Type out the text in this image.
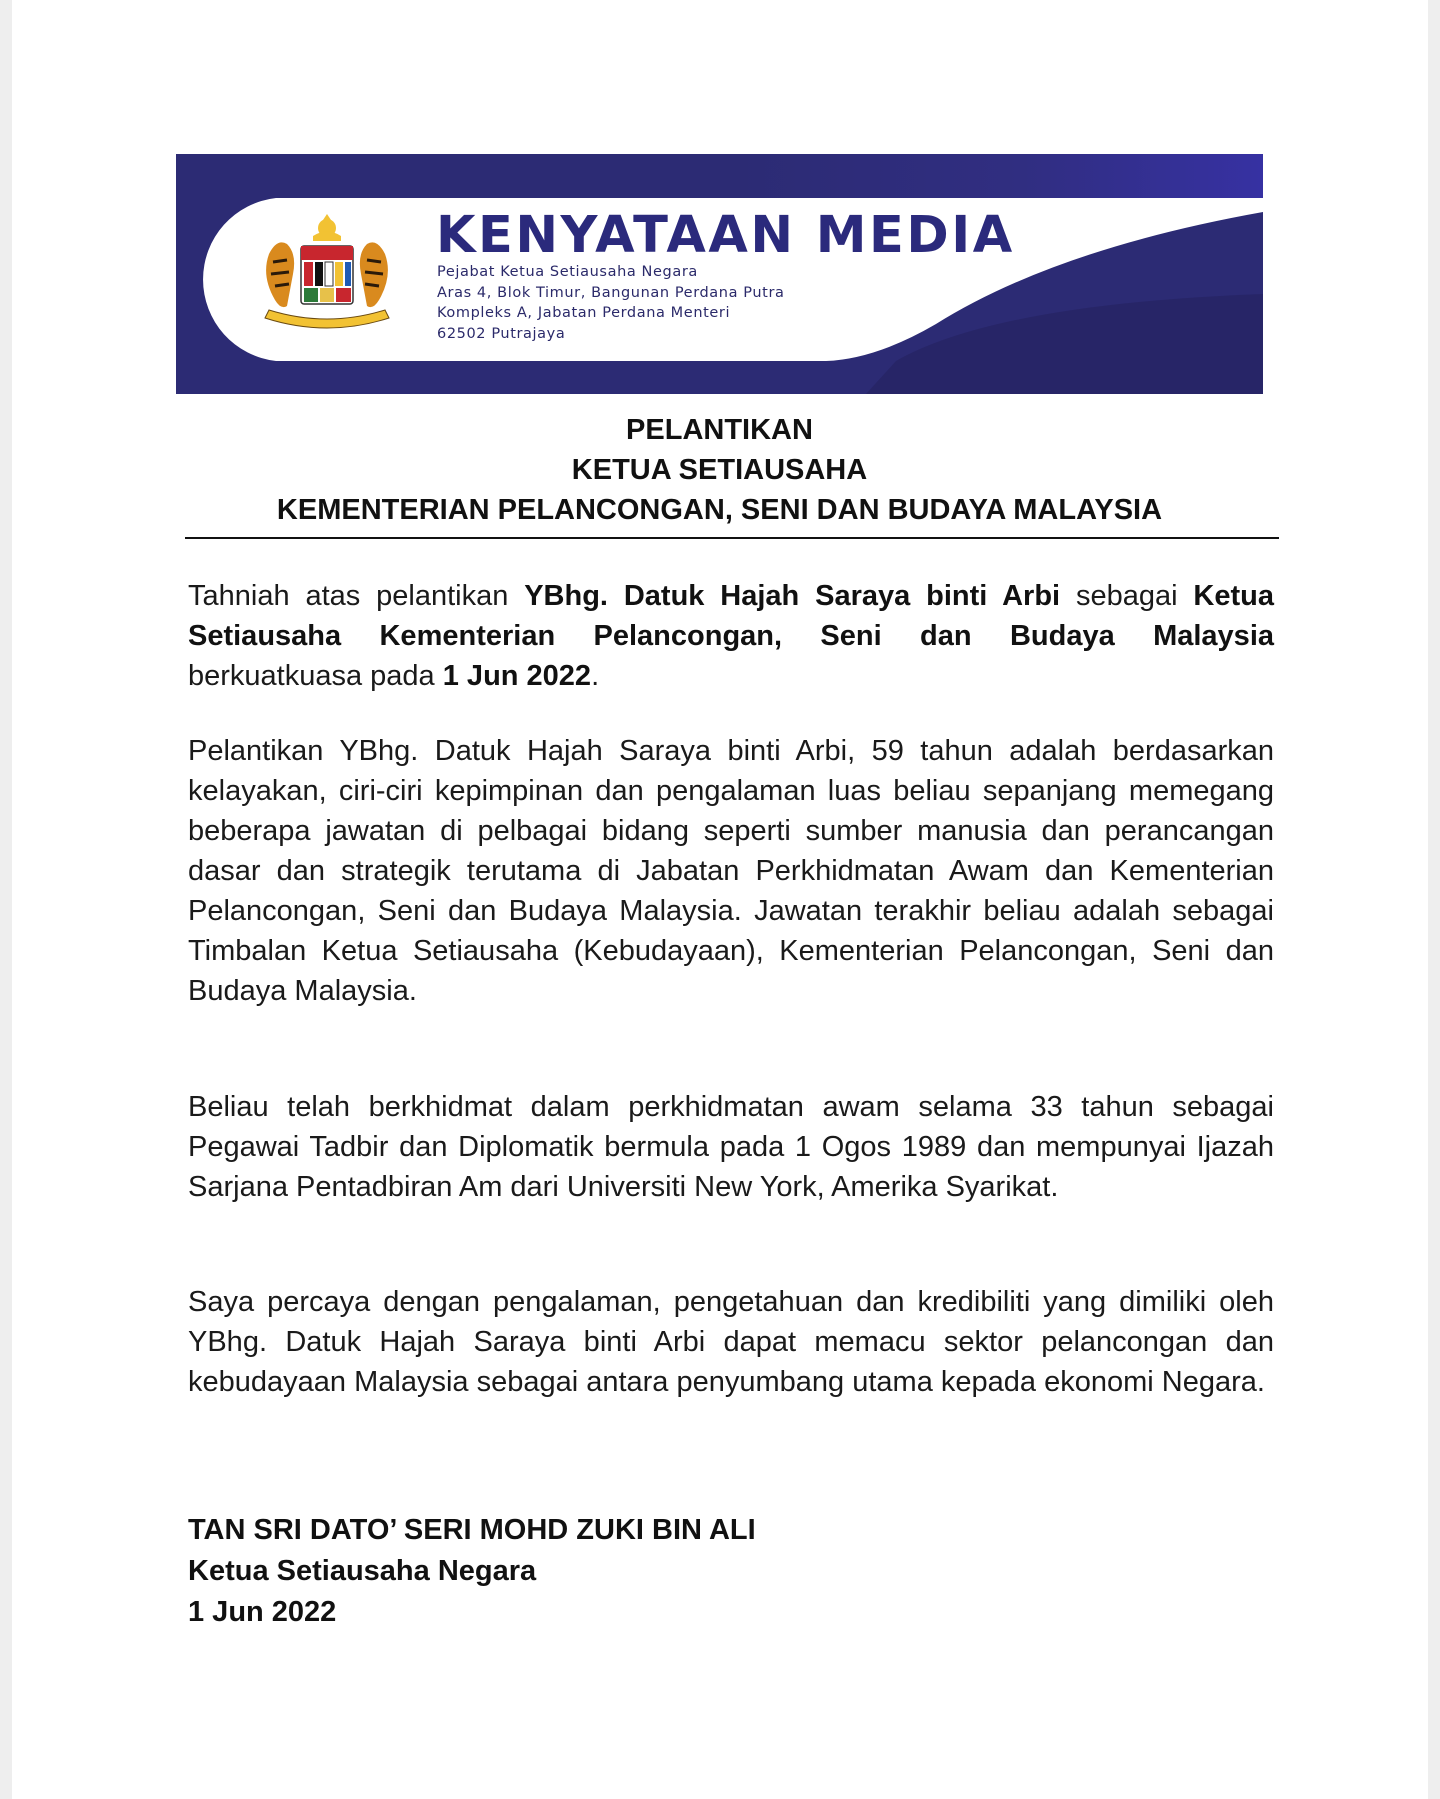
KENYATAAN MEDIA
Pejabat Ketua Setiausaha Negara
Aras 4, Blok Timur, Bangunan Perdana Putra
Kompleks A, Jabatan Perdana Menteri
62502 Putrajaya
PELANTIKAN
KETUA SETIAUSAHA
KEMENTERIAN PELANCONGAN, SENI DAN BUDAYA MALAYSIA

Tahniah atas pelantikan YBhg. Datuk Hajah Saraya binti Arbi sebagai Ketua Setiausaha Kementerian Pelancongan, Seni dan Budaya Malaysia berkuatkuasa pada 1 Jun 2022.

Pelantikan YBhg. Datuk Hajah Saraya binti Arbi, 59 tahun adalah berdasarkan kelayakan, ciri-ciri kepimpinan dan pengalaman luas beliau sepanjang memegang beberapa jawatan di pelbagai bidang seperti sumber manusia dan perancangan dasar dan strategik terutama di Jabatan Perkhidmatan Awam dan Kementerian Pelancongan, Seni dan Budaya Malaysia. Jawatan terakhir beliau adalah sebagai Timbalan Ketua Setiausaha (Kebudayaan), Kementerian Pelancongan, Seni dan Budaya Malaysia.

Beliau telah berkhidmat dalam perkhidmatan awam selama 33 tahun sebagai Pegawai Tadbir dan Diplomatik bermula pada 1 Ogos 1989 dan mempunyai Ijazah Sarjana Pentadbiran Am dari Universiti New York, Amerika Syarikat.

Saya percaya dengan pengalaman, pengetahuan dan kredibiliti yang dimiliki oleh YBhg. Datuk Hajah Saraya binti Arbi dapat memacu sektor pelancongan dan kebudayaan Malaysia sebagai antara penyumbang utama kepada ekonomi Negara.

TAN SRI DATO’ SERI MOHD ZUKI BIN ALI
Ketua Setiausaha Negara
1 Jun 2022
